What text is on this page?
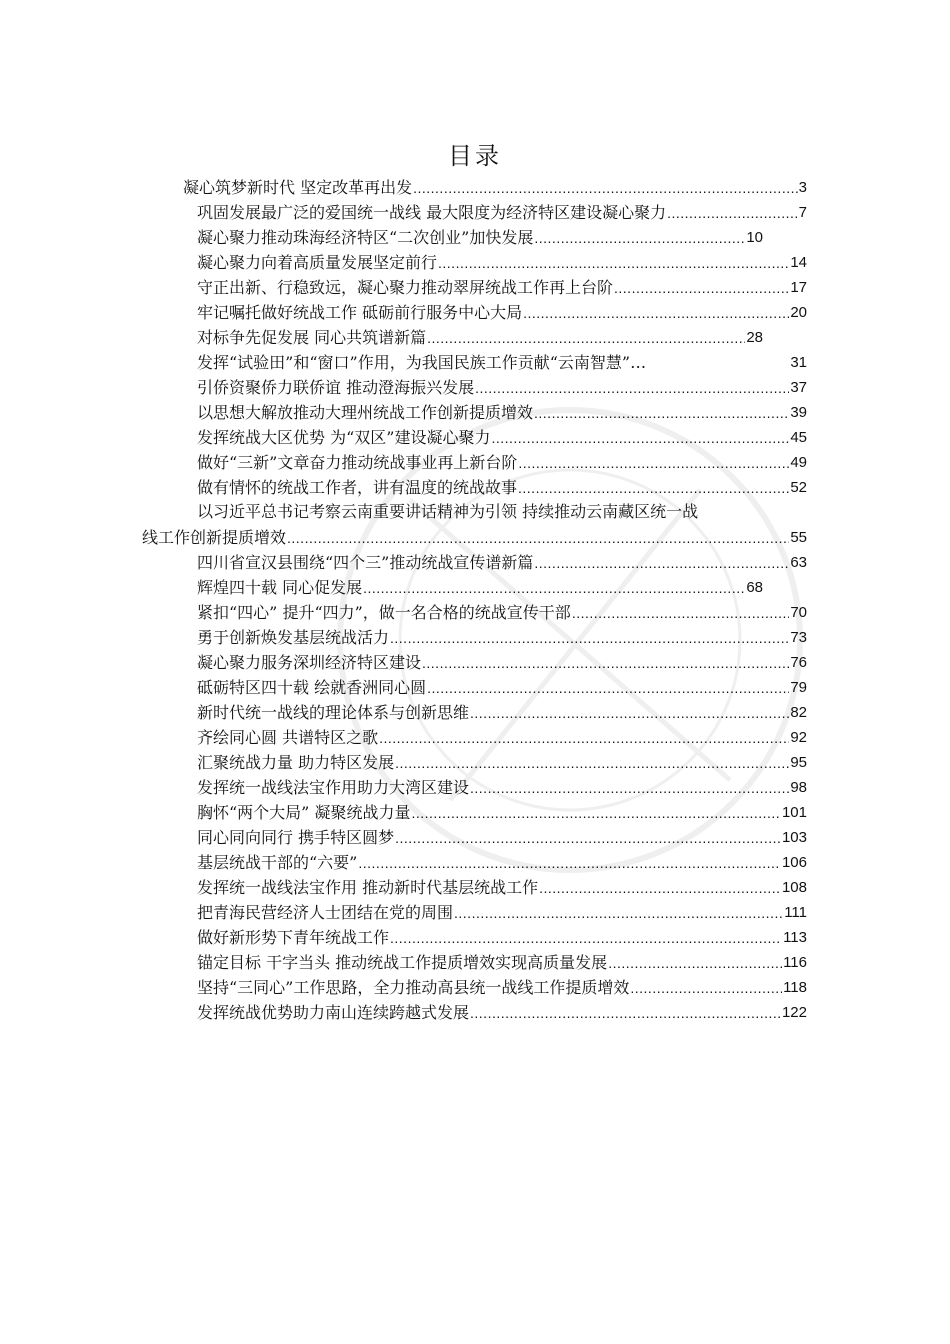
目录
凝心筑梦新时代 坚定改革再出发 .....	3
巩固发展最广泛的爱国统一战线 最大限度为经济特区建设凝心聚力 .....	7
凝心聚力推动珠海经济特区“二次创业”加快发展 .....	10
凝心聚力向着高质量发展坚定前行 .....	14
守正出新、行稳致远，凝心聚力推动翠屏统战工作再上台阶 .....	17
牢记嘱托做好统战工作 砥砺前行服务中心大局 .....	20
对标争先促发展 同心共筑谱新篇 .....	28
发挥“试验田”和“窗口”作用，为我国民族工作贡献“云南智慧”…	31
引侨资聚侨力联侨谊 推动澄海振兴发展 .....	37
以思想大解放推动大理州统战工作创新提质增效 .....	39
发挥统战大区优势 为“双区”建设凝心聚力 .....	45
做好“三新”文章奋力推动统战事业再上新台阶 .....	49
做有情怀的统战工作者，讲有温度的统战故事 .....	52
以习近平总书记考察云南重要讲话精神为引领 持续推动云南藏区统一战
线工作创新提质增效 .....	55
四川省宣汉县围绕“四个三”推动统战宣传谱新篇 .....	63
辉煌四十载 同心促发展 .....	68
紧扣“四心” 提升“四力”，做一名合格的统战宣传干部 .....	70
勇于创新焕发基层统战活力 .....	73
凝心聚力服务深圳经济特区建设 .....	76
砥砺特区四十载 绘就香洲同心圆 .....	79
新时代统一战线的理论体系与创新思维 .....	82
齐绘同心圆 共谱特区之歌 .....	92
汇聚统战力量 助力特区发展 .....	95
发挥统一战线法宝作用助力大湾区建设 .....	98
胸怀“两个大局” 凝聚统战力量 .....	101
同心同向同行 携手特区圆梦 .....	103
基层统战干部的“六要” .....	106
发挥统一战线法宝作用 推动新时代基层统战工作 .....	108
把青海民营经济人士团结在党的周围 .....	111
做好新形势下青年统战工作 .....	113
锚定目标 干字当头 推动统战工作提质增效实现高质量发展 .....	116
坚持“三同心”工作思路，全力推动高县统一战线工作提质增效 .....	118
发挥统战优势助力南山连续跨越式发展 .....	122
